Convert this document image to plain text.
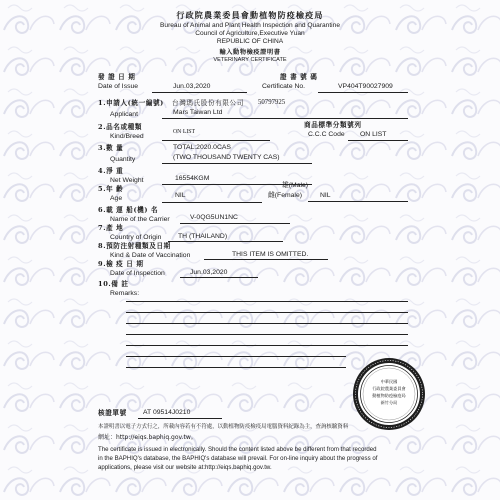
行政院農業委員會動植物防疫檢疫局
Bureau of Animal and Plant Health Inspection and Quarantine
Council of Agriculture,Executive Yuan
REPUBLIC OF CHINA
輸入動物檢疫證明書
VETERINARY CERTIFICATE
發 證 日 期
Date of Issue	Jun.03,2020
證 書 號 碼
Certificate No.	VP404T90027909
1.申請人(統一編號) 台灣瑪氏股份有限公司 50797925
Applicant	Mars Taiwan Ltd
2.品名或種類
Kind/Breed
ON LIST
商品標準分類號列
C.C.C Code ON LIST
3.數 量	TOTAL:2020.0CAS
(TWO THOUSAND TWENTY CAS)
Quantity
4.淨 重
Net Weight	16554KGM
5.年 齡
Age	NIL
雄(Male)
雌(Female)	NIL
6.載 運 船(機) 名
Name of the Carrier	V-0QG5UN1NC
7.產 地
Country of Origin TH (THAILAND)
8.預防注射種類及日期
Kind & Date of Vaccination	THIS ITEM IS OMITTED.
9.檢 疫 日 期
Date of Inspection	Jun.03,2020
10.備 註
Remarks:
中華民國
行政院農業委員會
動植物防疫檢疫局
新竹分局
核證單號 AT 09514J0210
本證明書以電子方式行之，所載內容若有不符處，以動植物防疫檢疫局電腦資料紀錄為主，查詢核驗資料
網址：http://eiqs.baphiq.gov.tw。
The certificate is issued in electronically. Should the content listed above be different from that recorded
in the BAPHIQ's database, the BAPHIQ's database will prevail. For on-line inquiry about the progress of
applications, please visit our website at:http://eiqs.baphiq.gov.tw.
